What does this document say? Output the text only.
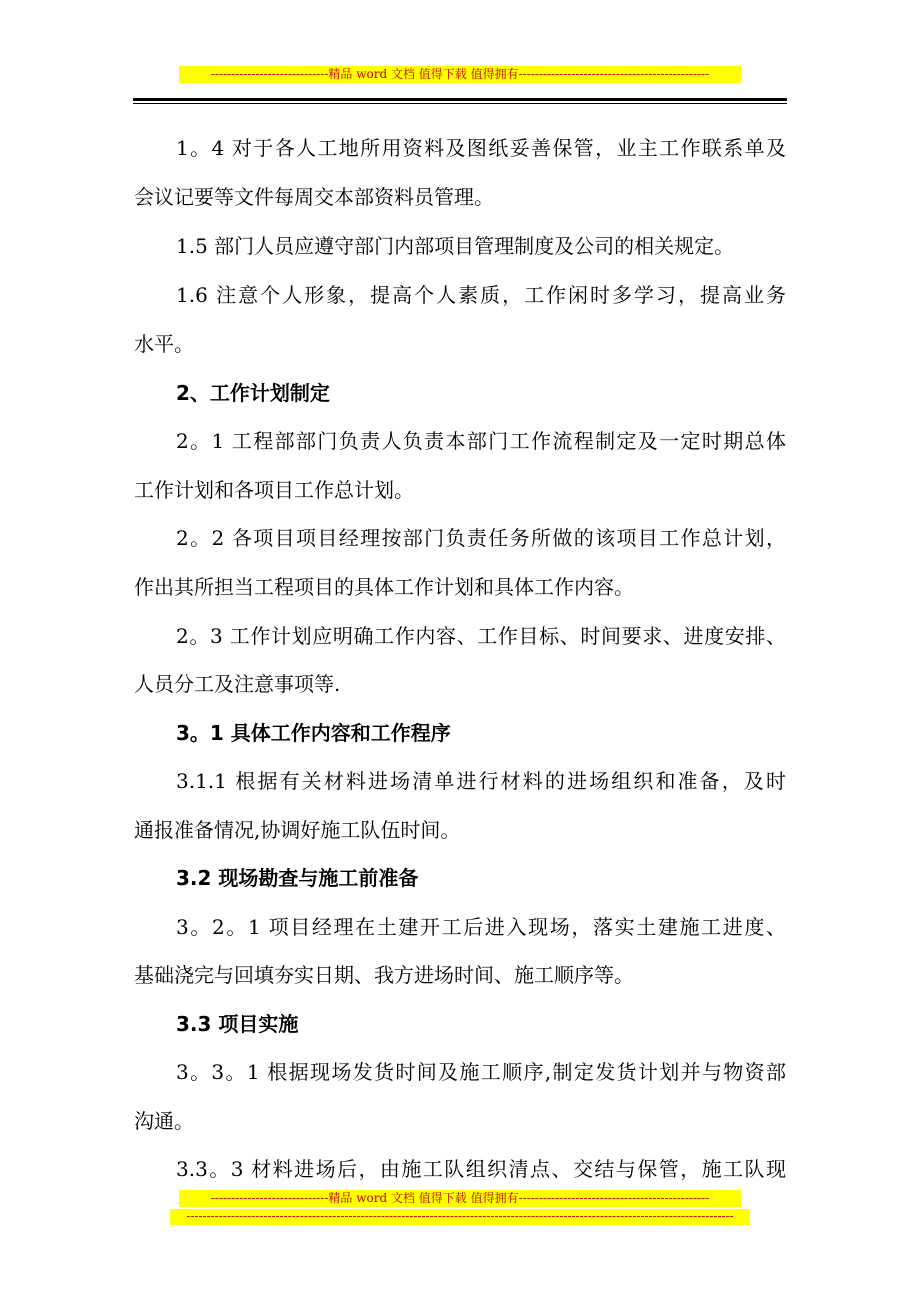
-----------------------------精品 word 文档 值得下载 值得拥有-----------------------------------------------
1。4 对于各人工地所用资料及图纸妥善保管，业主工作联系单及
会议记要等文件每周交本部资料员管理。
1.5 部门人员应遵守部门内部项目管理制度及公司的相关规定。
1.6 注意个人形象，提高个人素质，工作闲时多学习，提高业务
水平。
2、工作计划制定
2。1 工程部部门负责人负责本部门工作流程制定及一定时期总体
工作计划和各项目工作总计划。
2。2 各项目项目经理按部门负责任务所做的该项目工作总计划，
作出其所担当工程项目的具体工作计划和具体工作内容。
2。3 工作计划应明确工作内容、工作目标、时间要求、进度安排、
人员分工及注意事项等.
3。1 具体工作内容和工作程序
3.1.1 根据有关材料进场清单进行材料的进场组织和准备，及时
通报准备情况,协调好施工队伍时间。
3.2 现场勘查与施工前准备
3。2。1 项目经理在土建开工后进入现场，落实土建施工进度、
基础浇完与回填夯实日期、我方进场时间、施工顺序等。
3.3 项目实施
3。3。1 根据现场发货时间及施工顺序,制定发货计划并与物资部
沟通。
3.3。3 材料进场后，由施工队组织清点、交结与保管，施工队现
-----------------------------精品 word 文档 值得下载 值得拥有-----------------------------------------------
---------------------------------------------------------------------------------------------------------------------------------------
